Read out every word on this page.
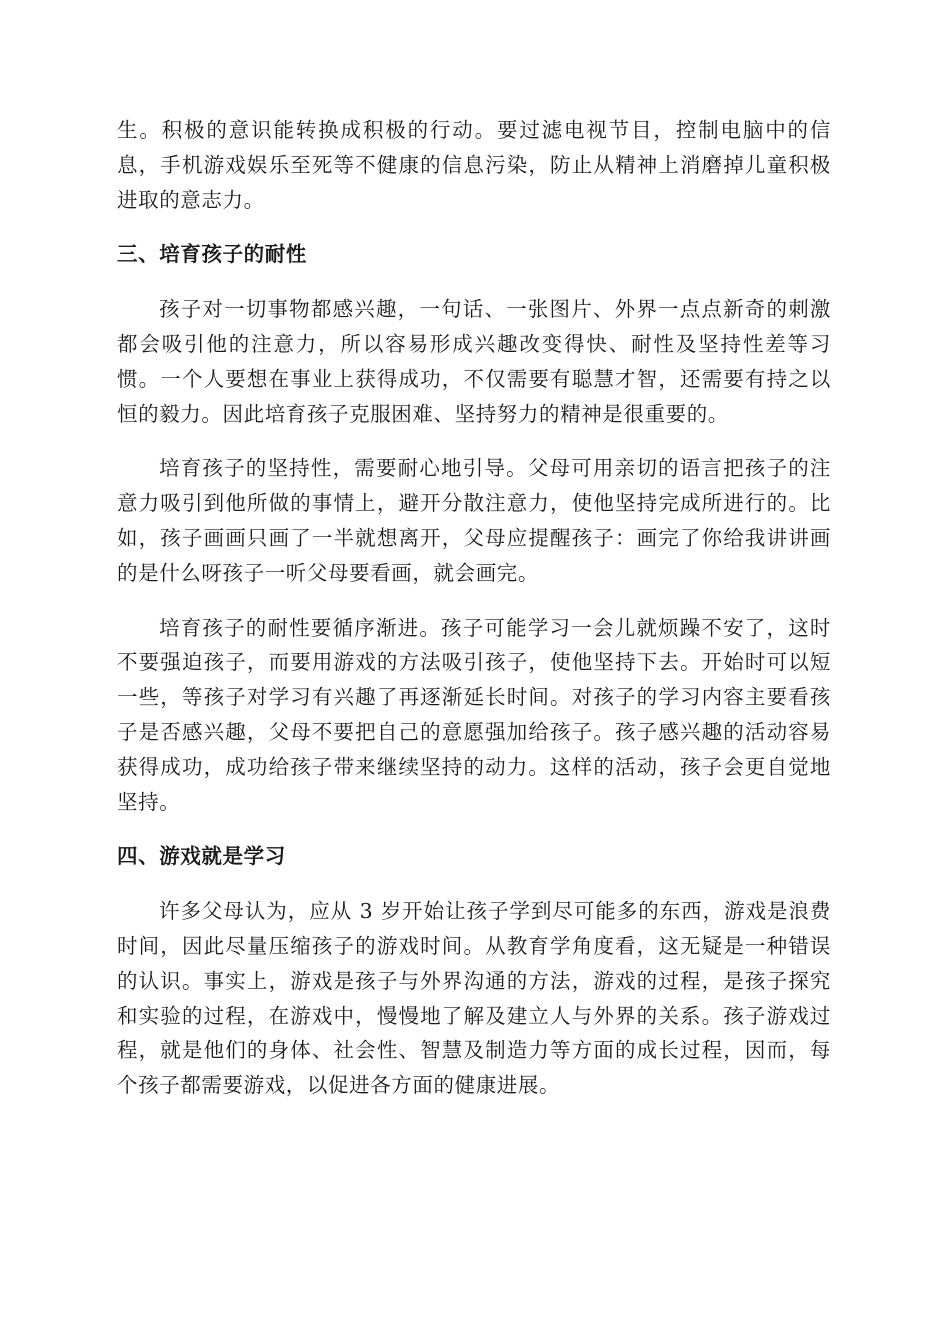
生。积极的意识能转换成积极的行动。要过滤电视节目，控制电脑中的信息，手机游戏娱乐至死等不健康的信息污染，防止从精神上消磨掉儿童积极进取的意志力。

三、培育孩子的耐性

孩子对一切事物都感兴趣，一句话、一张图片、外界一点点新奇的刺激都会吸引他的注意力，所以容易形成兴趣改变得快、耐性及坚持性差等习惯。一个人要想在事业上获得成功，不仅需要有聪慧才智，还需要有持之以恒的毅力。因此培育孩子克服困难、坚持努力的精神是很重要的。

培育孩子的坚持性，需要耐心地引导。父母可用亲切的语言把孩子的注意力吸引到他所做的事情上，避开分散注意力，使他坚持完成所进行的。比如，孩子画画只画了一半就想离开，父母应提醒孩子：画完了你给我讲讲画的是什么呀孩子一听父母要看画，就会画完。

培育孩子的耐性要循序渐进。孩子可能学习一会儿就烦躁不安了，这时不要强迫孩子，而要用游戏的方法吸引孩子，使他坚持下去。开始时可以短一些，等孩子对学习有兴趣了再逐渐延长时间。对孩子的学习内容主要看孩子是否感兴趣，父母不要把自己的意愿强加给孩子。孩子感兴趣的活动容易获得成功，成功给孩子带来继续坚持的动力。这样的活动，孩子会更自觉地坚持。

四、游戏就是学习

许多父母认为，应从 3 岁开始让孩子学到尽可能多的东西，游戏是浪费时间，因此尽量压缩孩子的游戏时间。从教育学角度看，这无疑是一种错误的认识。事实上，游戏是孩子与外界沟通的方法，游戏的过程，是孩子探究和实验的过程，在游戏中，慢慢地了解及建立人与外界的关系。孩子游戏过程，就是他们的身体、社会性、智慧及制造力等方面的成长过程，因而，每个孩子都需要游戏，以促进各方面的健康进展。
